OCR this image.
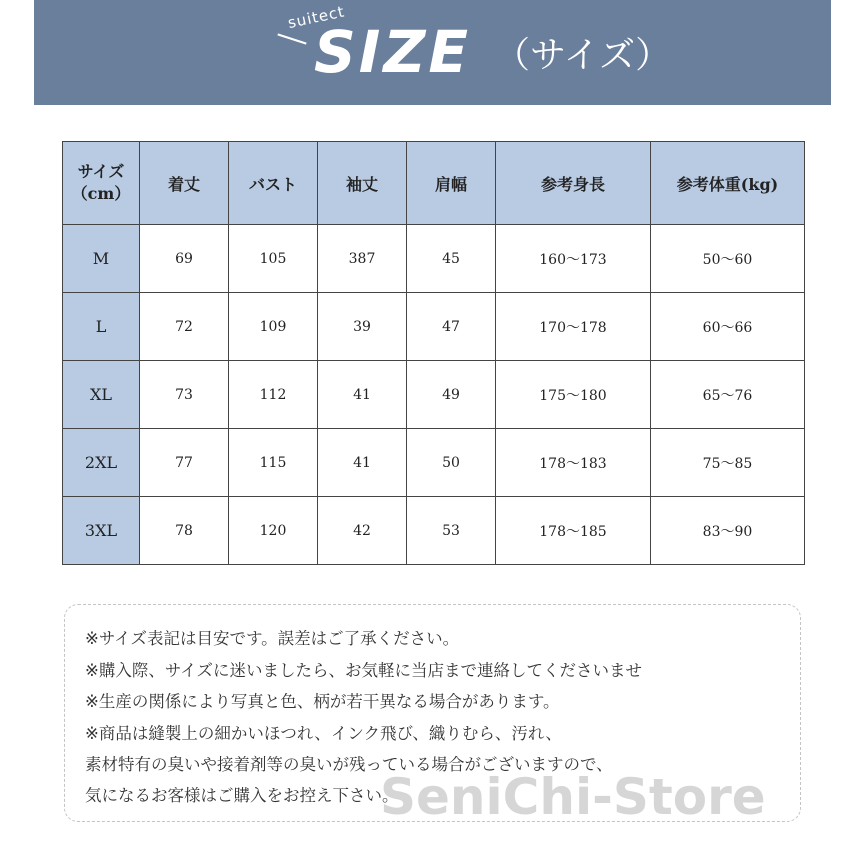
suitect
SIZE （サイズ）
サイズ
（cm）	着丈	バスト	袖丈	肩幅	参考身長	参考体重(kg)
M	69	105	387	45	160～173	50～60
L	72	109	39	47	170～178	60～66
XL	73	112	41	49	175～180	65～76
2XL	77	115	41	50	178～183	75～85
3XL	78	120	42	53	178～185	83～90
※サイズ表記は目安です。誤差はご了承ください。
※購入際、サイズに迷いましたら、お気軽に当店まで連絡してくださいませ
※生産の関係により写真と色、柄が若干異なる場合があります。
※商品は縫製上の細かいほつれ、インク飛び、織りむら、汚れ、
素材特有の臭いや接着剤等の臭いが残っている場合がございますので、
気になるお客様はご購入をお控え下さい。
SeniChi-Store
